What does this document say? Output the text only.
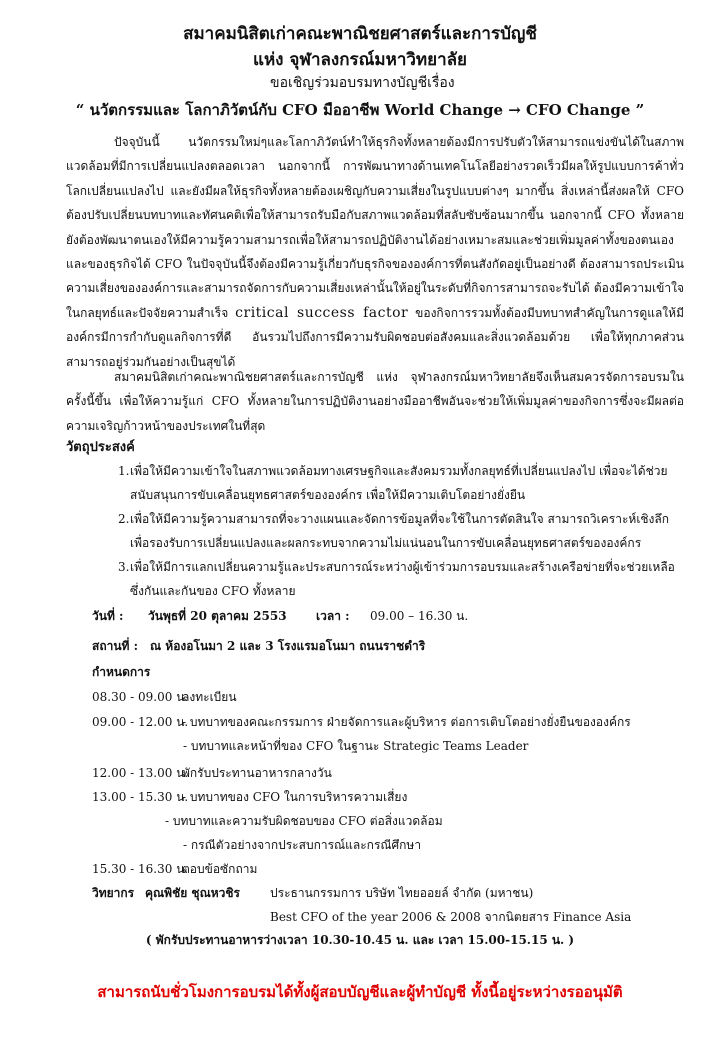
สมาคมนิสิตเก่าคณะพาณิชยศาสตร์และการบัญชี
แห่ง จุฬาลงกรณ์มหาวิทยาลัย
ขอเชิญร่วมอบรมทางบัญชีเรื่อง
“ นวัตกรรมและ โลกาภิวัตน์กับ CFO มืออาชีพ World Change → CFO Change ”

ปัจจุบันนี้ นวัตกรรมใหม่ๆและโลกาภิวัตน์ทำให้ธุรกิจทั้งหลายต้องมีการปรับตัวให้สามารถแข่งขันได้ในสภาพ แวดล้อมที่มีการเปลี่ยนแปลงตลอดเวลา นอกจากนี้ การพัฒนาทางด้านเทคโนโลยีอย่างรวดเร็วมีผลให้รูปแบบการค้าทั่วโลกเปลี่ยนแปลงไป และยังมีผลให้ธุรกิจทั้งหลายต้องเผชิญกับความเสี่ยงในรูปแบบต่างๆ มากขึ้น สิ่งเหล่านี้ส่งผลให้ CFO ต้องปรับเปลี่ยนบทบาทและทัศนคติเพื่อให้สามารถรับมือกับสภาพแวดล้อมที่สลับซับซ้อนมากขึ้น นอกจากนี้ CFO ทั้งหลายยังต้องพัฒนาตนเองให้มีความรู้ความสามารถเพื่อให้สามารถปฏิบัติงานได้อย่างเหมาะสมและช่วยเพิ่มมูลค่าทั้งของตนเองและของธุรกิจได้ CFO ในปัจจุบันนี้จึงต้องมีความรู้เกี่ยวกับธุรกิจขององค์การที่ตนสังกัดอยู่เป็นอย่างดี ต้องสามารถประเมินความเสี่ยงขององค์การและสามารถจัดการกับความเสี่ยงเหล่านั้นให้อยู่ในระดับที่กิจการสามารถจะรับได้ ต้องมีความเข้าใจในกลยุทธ์และปัจจัยความสำเร็จ critical success factor ของกิจการรวมทั้งต้องมีบทบาทสำคัญในการดูแลให้มีองค์กรมีการกำกับดูแลกิจการที่ดี อันรวมไปถึงการมีความรับผิดชอบต่อสังคมและสิ่งแวดล้อมด้วย เพื่อให้ทุกภาคส่วนสามารถอยู่ร่วมกันอย่างเป็นสุขได้

สมาคมนิสิตเก่าคณะพาณิชยศาสตร์และการบัญชี แห่ง จุฬาลงกรณ์มหาวิทยาลัยจึงเห็นสมควรจัดการอบรมในครั้งนี้ขึ้น เพื่อให้ความรู้แก่ CFO ทั้งหลายในการปฏิบัติงานอย่างมืออาชีพอันจะช่วยให้เพิ่มมูลค่าของกิจการซึ่งจะมีผลต่อความเจริญก้าวหน้าของประเทศในที่สุด

วัตถุประสงค์
1. เพื่อให้มีความเข้าใจในสภาพแวดล้อมทางเศรษฐกิจและสังคมรวมทั้งกลยุทธ์ที่เปลี่ยนแปลงไป เพื่อจะได้ช่วยสนับสนุนการขับเคลื่อนยุทธศาสตร์ขององค์กร เพื่อให้มีความเติบโตอย่างยั่งยืน
2. เพื่อให้มีความรู้ความสามารถที่จะวางแผนและจัดการข้อมูลที่จะใช้ในการตัดสินใจ สามารถวิเคราะห์เชิงลึกเพื่อรองรับการเปลี่ยนแปลงและผลกระทบจากความไม่แน่นอนในการขับเคลื่อนยุทธศาสตร์ขององค์กร
3. เพื่อให้มีการแลกเปลี่ยนความรู้และประสบการณ์ระหว่างผู้เข้าร่วมการอบรมและสร้างเครือข่ายที่จะช่วยเหลือซึ่งกันและกันของ CFO ทั้งหลาย
วันที่ : วันพุธที่ 20 ตุลาคม 2553 เวลา : 09.00 – 16.30 น.
สถานที่ : ณ ห้องอโนมา 2 และ 3 โรงแรมอโนมา ถนนราชดำริ
กำหนดการ
08.30 - 09.00 น.
ลงทะเบียน
09.00 - 12.00 น.
- บทบาทของคณะกรรมการ ฝ่ายจัดการและผู้บริหาร ต่อการเติบโตอย่างยั่งยืนขององค์กร
- บทบาทและหน้าที่ของ CFO ในฐานะ Strategic Teams Leader
12.00 - 13.00 น.
พักรับประทานอาหารกลางวัน
13.00 - 15.30 น.
- บทบาทของ CFO ในการบริหารความเสี่ยง
- บทบาทและความรับผิดชอบของ CFO ต่อสิ่งแวดล้อม
- กรณีตัวอย่างจากประสบการณ์และกรณีศึกษา
15.30 - 16.30 น.
ตอบข้อซักถาม
วิทยากร คุณพิชัย ชุณหวชิร	ประธานกรรมการ บริษัท ไทยออยล์ จำกัด (มหาชน)
Best CFO of the year 2006 & 2008 จากนิตยสาร Finance Asia
( พักรับประทานอาหารว่างเวลา 10.30-10.45 น. และ เวลา 15.00-15.15 น. )
สามารถนับชั่วโมงการอบรมได้ทั้งผู้สอบบัญชีและผู้ทำบัญชี ทั้งนี้อยู่ระหว่างรออนุมัติ
